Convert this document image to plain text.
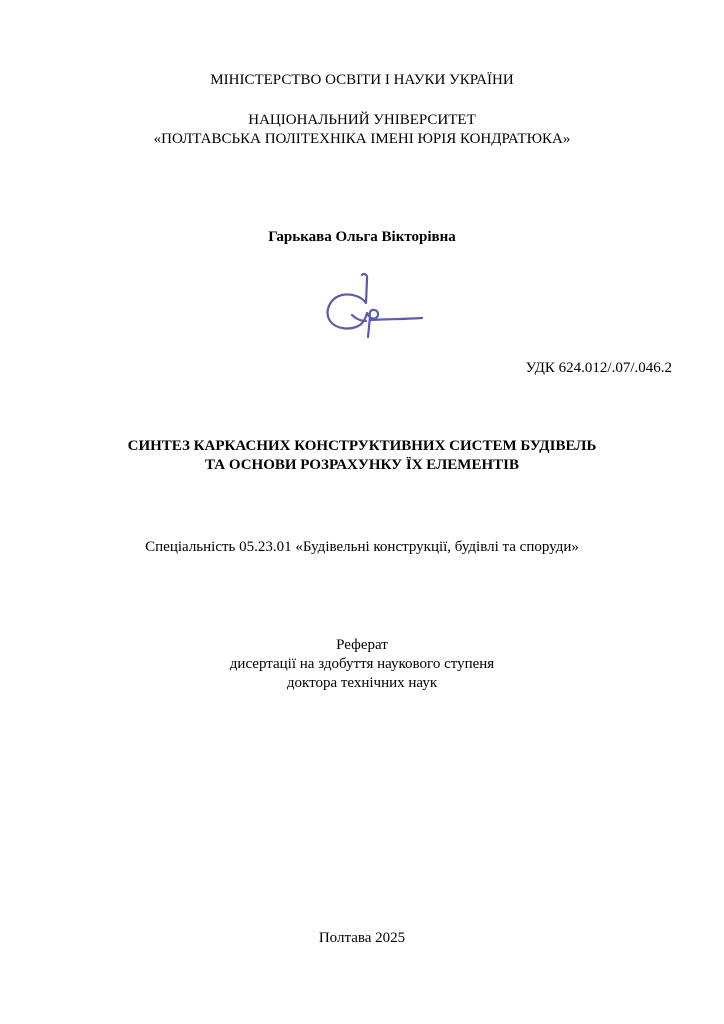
МІНІСТЕРСТВО ОСВІТИ І НАУКИ УКРАЇНИ
НАЦІОНАЛЬНИЙ УНІВЕРСИТЕТ
«ПОЛТАВСЬКА ПОЛІТЕХНІКА ІМЕНІ ЮРІЯ КОНДРАТЮКА»
Гарькава Ольга Вікторівна
УДК 624.012/.07/.046.2
СИНТЕЗ КАРКАСНИХ КОНСТРУКТИВНИХ СИСТЕМ БУДІВЕЛЬ
ТА ОСНОВИ РОЗРАХУНКУ ЇХ ЕЛЕМЕНТІВ
Спеціальність 05.23.01 «Будівельні конструкції, будівлі та споруди»
Реферат
дисертації на здобуття наукового ступеня
доктора технічних наук
Полтава 2025
